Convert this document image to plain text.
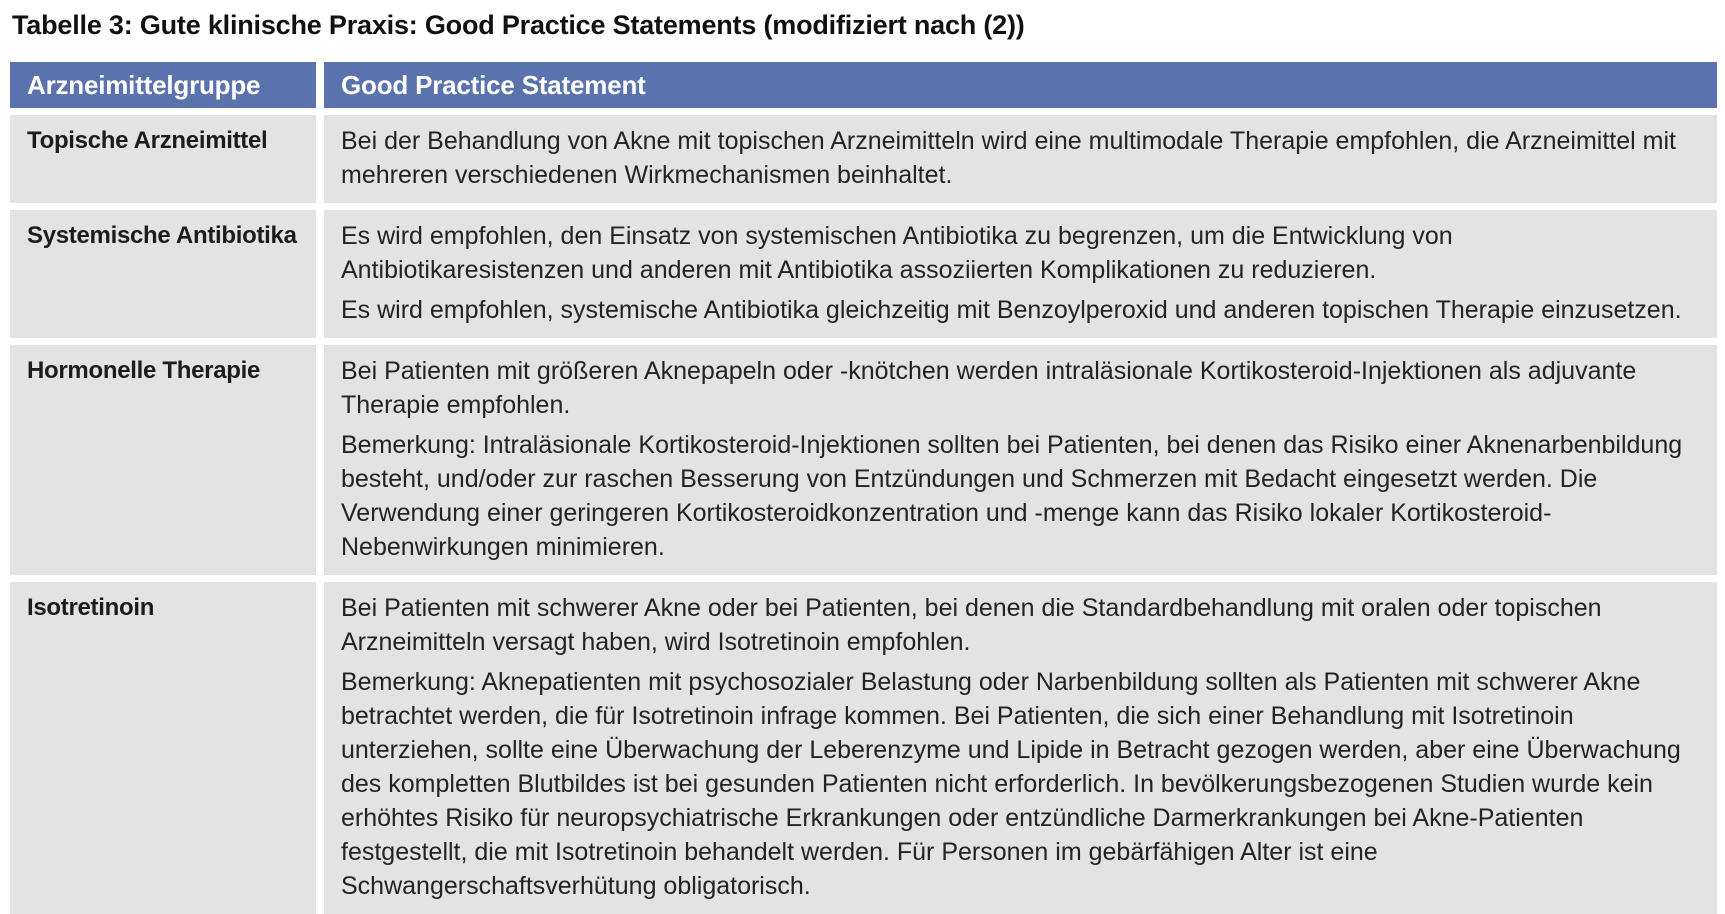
Tabelle 3: Gute klinische Praxis: Good Practice Statements (modifiziert nach (2))
Arzneimittelgruppe	Good Practice Statement
Topische Arzneimittel	Bei der Behandlung von Akne mit topischen Arzneimitteln wird eine multimodale Therapie empfohlen, die Arzneimittel mit mehreren verschiedenen Wirkmechanismen beinhaltet.

Systemische Antibiotika	Es wird empfohlen, den Einsatz von systemischen Antibiotika zu begrenzen, um die Entwicklung von Antibiotikaresistenzen und anderen mit Antibiotika assoziierten Komplikationen zu reduzieren.

Es wird empfohlen, systemische Antibiotika gleichzeitig mit Benzoylperoxid und anderen topischen Therapie einzusetzen.

Hormonelle Therapie	Bei Patienten mit größeren Aknepapeln oder -knötchen werden intraläsionale Kortikosteroid-Injektionen als adjuvante Therapie empfohlen.

Bemerkung: Intraläsionale Kortikosteroid-Injektionen sollten bei Patienten, bei denen das Risiko einer Aknenarbenbildung besteht, und/oder zur raschen Besserung von Entzündungen und Schmerzen mit Bedacht eingesetzt werden. Die Verwendung einer geringeren Kortikosteroidkonzentration und -menge kann das Risiko lokaler Kortikosteroid-Nebenwirkungen minimieren.

Isotretinoin	Bei Patienten mit schwerer Akne oder bei Patienten, bei denen die Standardbehandlung mit oralen oder topischen Arzneimitteln versagt haben, wird Isotretinoin empfohlen.

Bemerkung: Aknepatienten mit psychosozialer Belastung oder Narbenbildung sollten als Patienten mit schwerer Akne betrachtet werden, die für Isotretinoin infrage kommen. Bei Patienten, die sich einer Behandlung mit Isotretinoin unterziehen, sollte eine Überwachung der Leberenzyme und Lipide in Betracht gezogen werden, aber eine Überwachung des kompletten Blutbildes ist bei gesunden Patienten nicht erforderlich. In bevölkerungsbezogenen Studien wurde kein erhöhtes Risiko für neuropsychiatrische Erkrankungen oder entzündliche Darmerkrankungen bei Akne-Patienten festgestellt, die mit Isotretinoin behandelt werden. Für Personen im gebärfähigen Alter ist eine Schwangerschaftsverhütung obligatorisch.
